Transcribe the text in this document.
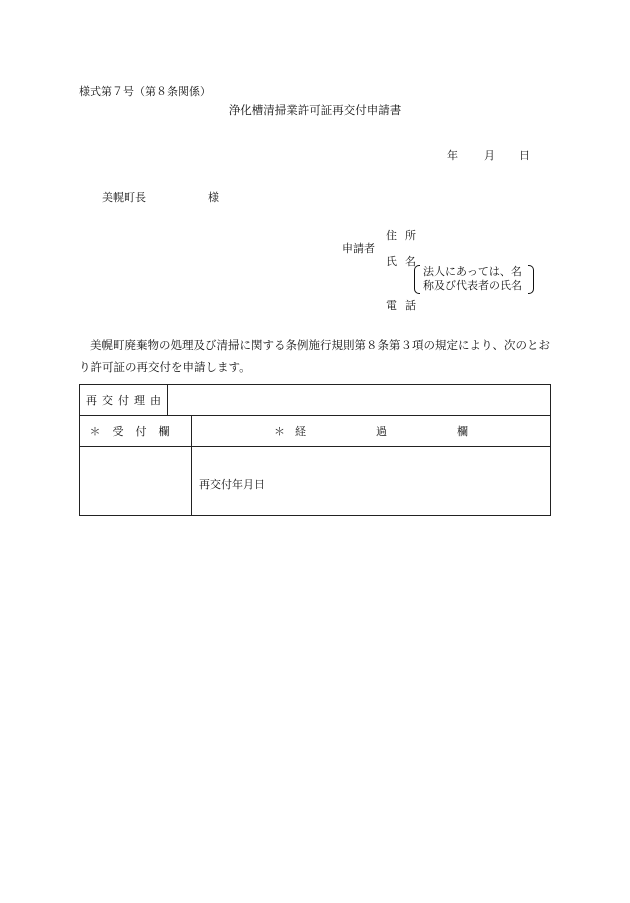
様式第７号（第８条関係）
浄化槽清掃業許可証再交付申請書
年 月 日
美幌町長	様
申請者
住所
氏名
法人にあっては、名
称及び代表者の氏名
電話
美幌町廃棄物の処理及び清掃に関する条例施行規則第８条第３項の規定により、次のとおり許可証の再交付を申請します。
再交付理由		
＊受付欄		＊ 経 過 欄
		再交付年月日
